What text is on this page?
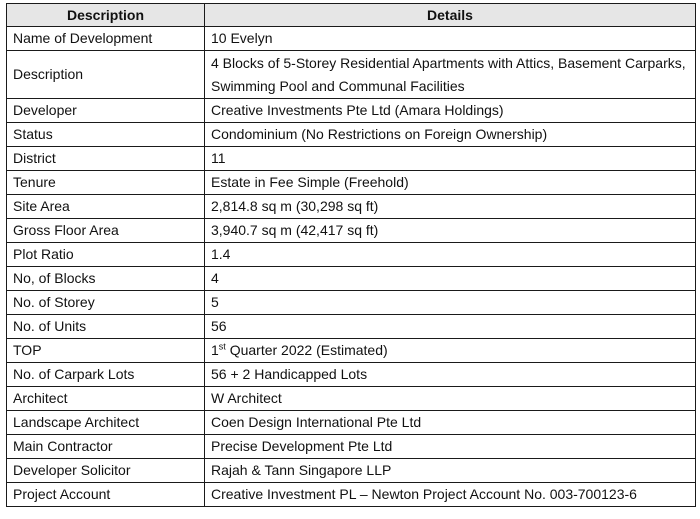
Description	Details
Name of Development	10 Evelyn
Description	4 Blocks of 5-Storey Residential Apartments with Attics, Basement Carparks, Swimming Pool and Communal Facilities
Developer	Creative Investments Pte Ltd (Amara Holdings)
Status	Condominium (No Restrictions on Foreign Ownership)
District	11
Tenure	Estate in Fee Simple (Freehold)
Site Area	2,814.8 sq m (30,298 sq ft)
Gross Floor Area	3,940.7 sq m (42,417 sq ft)
Plot Ratio	1.4
No, of Blocks	4
No. of Storey	5
No. of Units	56
TOP	1st Quarter 2022 (Estimated)
No. of Carpark Lots	56 + 2 Handicapped Lots
Architect	W Architect
Landscape Architect	Coen Design International Pte Ltd
Main Contractor	Precise Development Pte Ltd
Developer Solicitor	Rajah & Tann Singapore LLP
Project Account	Creative Investment PL – Newton Project Account No. 003-700123-6
